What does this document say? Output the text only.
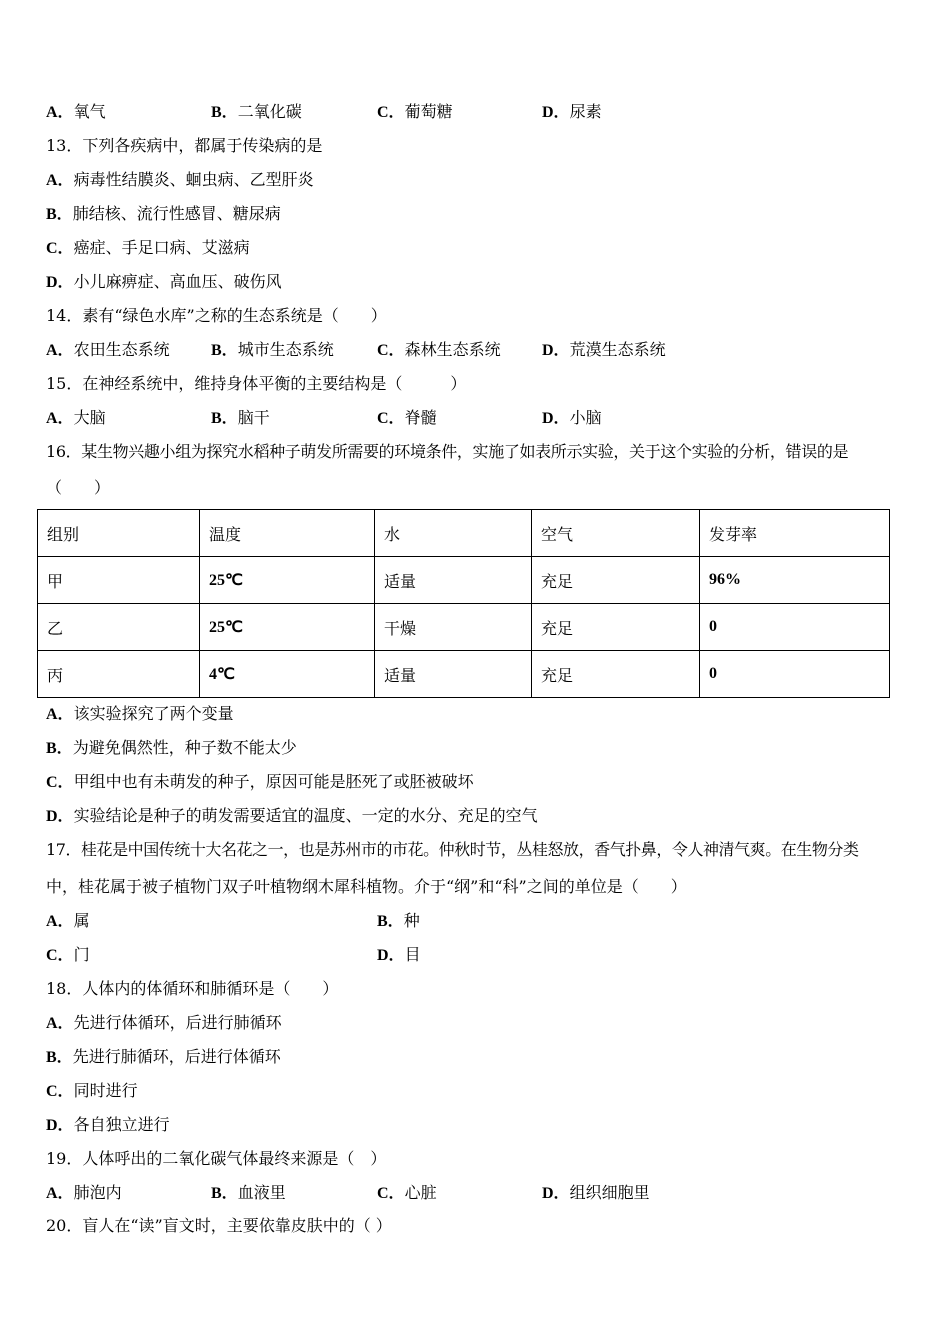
A．氧气	B．二氧化碳	C．葡萄糖	D．尿素
13．下列各疾病中，都属于传染病的是
A．病毒性结膜炎、蛔虫病、乙型肝炎
B．肺结核、流行性感冒、糖尿病
C．癌症、手足口病、艾滋病
D．小儿麻痹症、高血压、破伤风
14．素有“绿色水库”之称的生态系统是（　　）
A．农田生态系统	B．城市生态系统	C．森林生态系统	D．荒漠生态系统
15．在神经系统中，维持身体平衡的主要结构是（　　　）
A．大脑	B．脑干	C．脊髓	D．小脑
16．某生物兴趣小组为探究水稻种子萌发所需要的环境条件，实施了如表所示实验，关于这个实验的分析，错误的是
（　　）
组别	温度	水	空气	发芽率
甲	25℃	适量	充足	96%
乙	25℃	干燥	充足	0
丙	4℃	适量	充足	0
A．该实验探究了两个变量
B．为避免偶然性，种子数不能太少
C．甲组中也有未萌发的种子，原因可能是胚死了或胚被破坏
D．实验结论是种子的萌发需要适宜的温度、一定的水分、充足的空气
17．桂花是中国传统十大名花之一，也是苏州市的市花。仲秋时节，丛桂怒放，香气扑鼻，令人神清气爽。在生物分类
中，桂花属于被子植物门双子叶植物纲木犀科植物。介于“纲”和“科”之间的单位是（　　）
A．属	B．种
C．门	D．目
18．人体内的体循环和肺循环是（　　）
A．先进行体循环，后进行肺循环
B．先进行肺循环，后进行体循环
C．同时进行
D．各自独立进行
19．人体呼出的二氧化碳气体最终来源是（　）
A．肺泡内	B．血液里	C．心脏	D．组织细胞里
20．盲人在“读”盲文时，主要依靠皮肤中的（ ）
